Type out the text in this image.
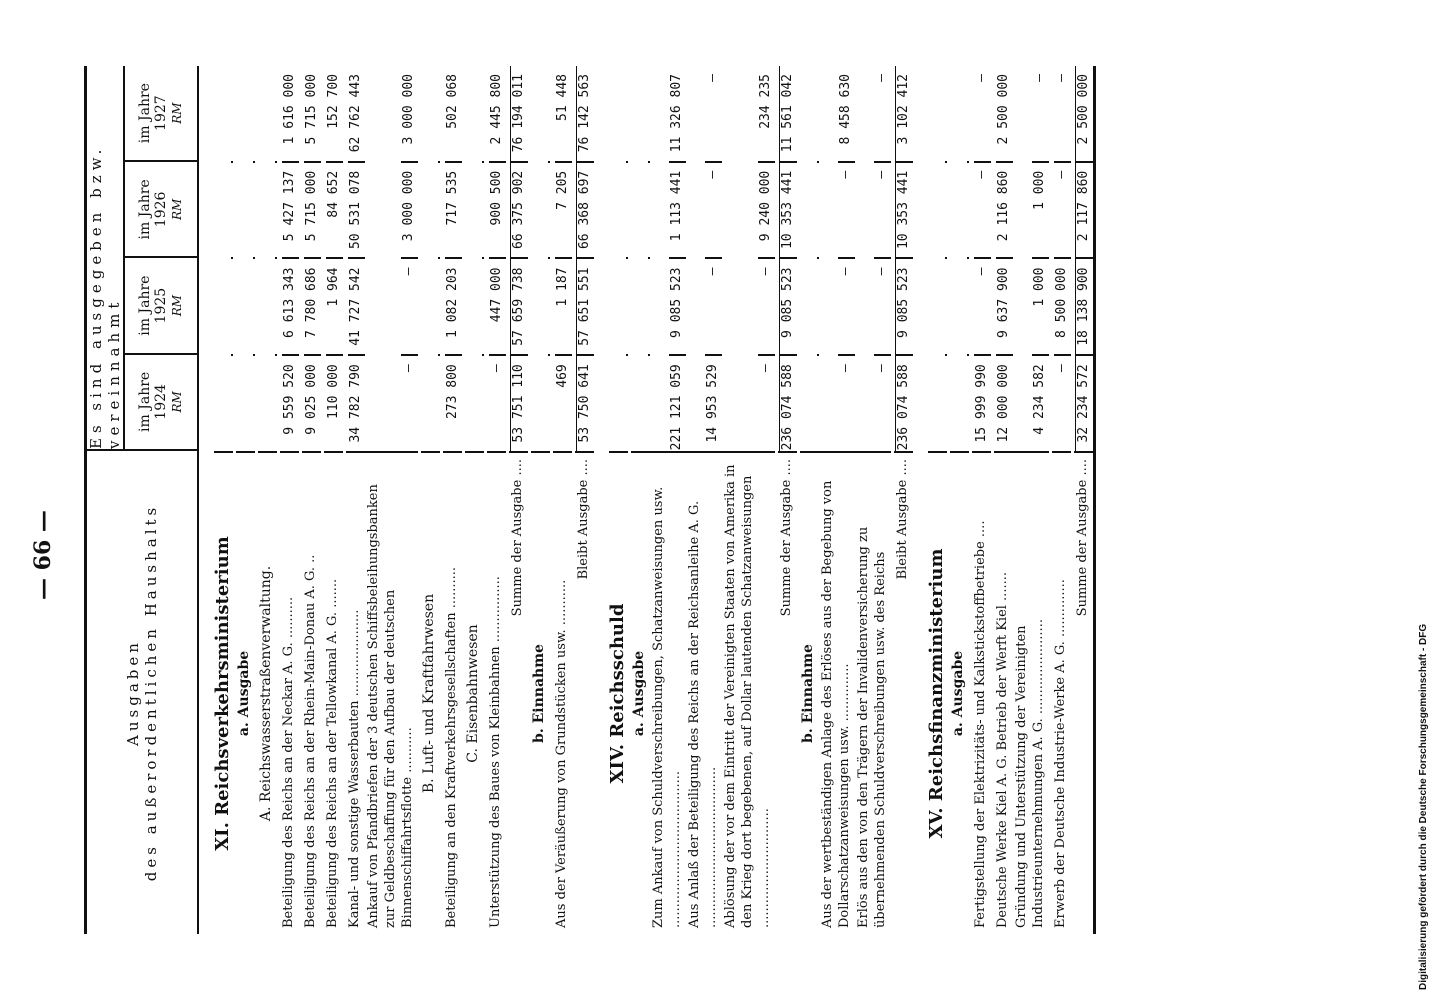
— 66 —
Ausgaben des außerordentlichen Haushalts
Es sind ausgegeben bzw. vereinnahmt im Jahre 1924 RM
im Jahre 1925 RM
im Jahre 1926 RM
im Jahre 1927 RM
XI. Reichsverkehrsministerium a. Ausgabe A. Reichswasserstraßenverwaltung. Beteiligung des Reichs an der Neckar A. G. ..........
9 559 520
6 613 343
5 427 137
1 616 000
Beteiligung des Reichs an der Rhein-Main-Donau A. G. ..
9 025 000
7 780 686
5 715 000
5 715 000
Beteiligung des Reichs an der Tellowkanal A. G. .......
110 000
1 964
84 652
152 700
Kanal- und sonstige Wasserbauten .....................
34 782 790
41 727 542
50 531 078
62 762 443
Ankauf von Pfandbriefen der 3 deutschen Schiffsbeleihungsbanken zur Geldbeschaffung für den Aufbau der deutschen Binnenschiffahrtsflotte ...........
—
—
3 000 000
3 000 000
B. Luft- und Kraftfahrwesen Beteiligung an den Kraftverkehrsgesellschaften ..........
273 800
1 082 203
717 535
502 068
C. Eisenbahnwesen Unterstützung des Baues von Kleinbahnen ................
—
447 000
900 500
2 445 800
Summe der Ausgabe ....
53 751 110
57 659 738
66 375 902
76 194 011
b. Einnahme Aus der Veräußerung von Grundstücken usw. ...........
469
1 187
7 205
51 448
Bleibt Ausgabe ....
53 750 641
57 651 551
66 368 697
76 142 563
XIV. Reichsschuld a. Ausgabe Zum Ankauf von Schuldverschreibungen, Schatzanweisungen usw. ......................................
221 121 059
9 085 523
1 113 441
11 326 807
Aus Anlaß der Beteiligung des Reichs an der Reichsanleihe A. G. .......................................
14 953 529
—
—
—
Ablösung der vor dem Eintritt der Vereinigten Staaten von Amerika in den Krieg dort begebenen, auf Dollar lautenden Schatzanweisungen .............................
—
—
9 240 000
234 235
Summe der Ausgabe ....
236 074 588
9 085 523
10 353 441
11 561 042
b. Einnahme Aus der wertbeständigen Anlage des Erlöses aus der Begebung von Dollarschatzanweisungen usw. ..............
—
—
—
8 458 630
Erlös aus den von den Trägern der Invalidenversicherung zu übernehmenden Schuldverschreibungen usw. des Reichs
—
—
—
—
Bleibt Ausgabe ....
236 074 588
9 085 523
10 353 441
3 102 412
XV. Reichsfinanzministerium a. Ausgabe Fertigstellung der Elektrizitäts- und Kalkstickstoffbetriebe ....
15 999 990
—
—
—
Deutsche Werke Kiel A. G. Betrieb der Werft Kiel .......
12 000 000
9 637 900
2 116 860
2 500 000
Gründung und Unterstützung der Vereinigten Industrieunternehmungen A. G. .......................
4 234 582
1 000
1 000
—
Erwerb der Deutsche Industrie-Werke A. G. ..............
—
8 500 000
—
—
Summe der Ausgabe ....
32 234 572
18 138 900
2 117 860
2 500 000
Digitalisierung gefördert durch die Deutsche Forschungsgemeinschaft - DFG
